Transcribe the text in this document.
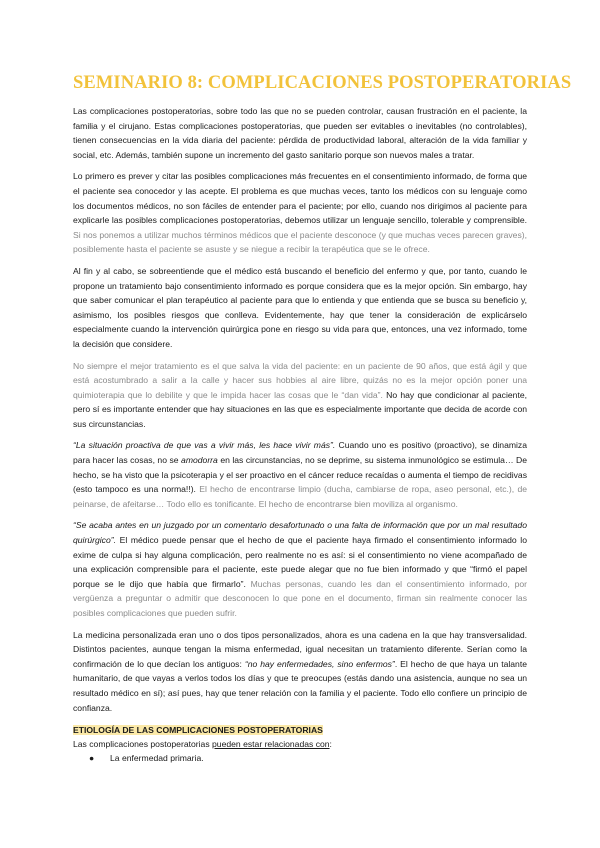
SEMINARIO 8: COMPLICACIONES POSTOPERATORIAS

Las complicaciones postoperatorias, sobre todo las que no se pueden controlar, causan frustración en el paciente, la familia y el cirujano. Estas complicaciones postoperatorias, que pueden ser evitables o inevitables (no controlables), tienen consecuencias en la vida diaria del paciente: pérdida de productividad laboral, alteración de la vida familiar y social, etc. Además, también supone un incremento del gasto sanitario porque son nuevos males a tratar.

Lo primero es prever y citar las posibles complicaciones más frecuentes en el consentimiento informado, de forma que el paciente sea conocedor y las acepte. El problema es que muchas veces, tanto los médicos con su lenguaje como los documentos médicos, no son fáciles de entender para el paciente; por ello, cuando nos dirigimos al paciente para explicarle las posibles complicaciones postoperatorias, debemos utilizar un lenguaje sencillo, tolerable y comprensible. Si nos ponemos a utilizar muchos términos médicos que el paciente desconoce (y que muchas veces parecen graves), posiblemente hasta el paciente se asuste y se niegue a recibir la terapéutica que se le ofrece.

Al fin y al cabo, se sobreentiende que el médico está buscando el beneficio del enfermo y que, por tanto, cuando le propone un tratamiento bajo consentimiento informado es porque considera que es la mejor opción. Sin embargo, hay que saber comunicar el plan terapéutico al paciente para que lo entienda y que entienda que se busca su beneficio y, asimismo, los posibles riesgos que conlleva. Evidentemente, hay que tener la consideración de explicárselo especialmente cuando la intervención quirúrgica pone en riesgo su vida para que, entonces, una vez informado, tome la decisión que considere.

No siempre el mejor tratamiento es el que salva la vida del paciente: en un paciente de 90 años, que está ágil y que está acostumbrado a salir a la calle y hacer sus hobbies al aire libre, quizás no es la mejor opción poner una quimioterapia que lo debilite y que le impida hacer las cosas que le “dan vida”. No hay que condicionar al paciente, pero sí es importante entender que hay situaciones en las que es especialmente importante que decida de acorde con sus circunstancias.

“La situación proactiva de que vas a vivir más, les hace vivir más”. Cuando uno es positivo (proactivo), se dinamiza para hacer las cosas, no se amodorra en las circunstancias, no se deprime, su sistema inmunológico se estimula… De hecho, se ha visto que la psicoterapia y el ser proactivo en el cáncer reduce recaídas o aumenta el tiempo de recidivas (esto tampoco es una norma!!). El hecho de encontrarse limpio (ducha, cambiarse de ropa, aseo personal, etc.), de peinarse, de afeitarse… Todo ello es tonificante. El hecho de encontrarse bien moviliza al organismo.

“Se acaba antes en un juzgado por un comentario desafortunado o una falta de información que por un mal resultado quirúrgico”. El médico puede pensar que el hecho de que el paciente haya firmado el consentimiento informado lo exime de culpa si hay alguna complicación, pero realmente no es así: si el consentimiento no viene acompañado de una explicación comprensible para el paciente, este puede alegar que no fue bien informado y que “firmó el papel porque se le dijo que había que firmarlo”. Muchas personas, cuando les dan el consentimiento informado, por vergüenza a preguntar o admitir que desconocen lo que pone en el documento, firman sin realmente conocer las posibles complicaciones que pueden sufrir.

La medicina personalizada eran uno o dos tipos personalizados, ahora es una cadena en la que hay transversalidad. Distintos pacientes, aunque tengan la misma enfermedad, igual necesitan un tratamiento diferente. Serían como la confirmación de lo que decían los antiguos: “no hay enfermedades, sino enfermos”. El hecho de que haya un talante humanitario, de que vayas a verlos todos los días y que te preocupes (estás dando una asistencia, aunque no sea un resultado médico en sí); así pues, hay que tener relación con la familia y el paciente. Todo ello confiere un principio de confianza.

ETIOLOGÍA DE LAS COMPLICACIONES POSTOPERATORIAS
Las complicaciones postoperatorias pueden estar relacionadas con:
● La enfermedad primaria.
